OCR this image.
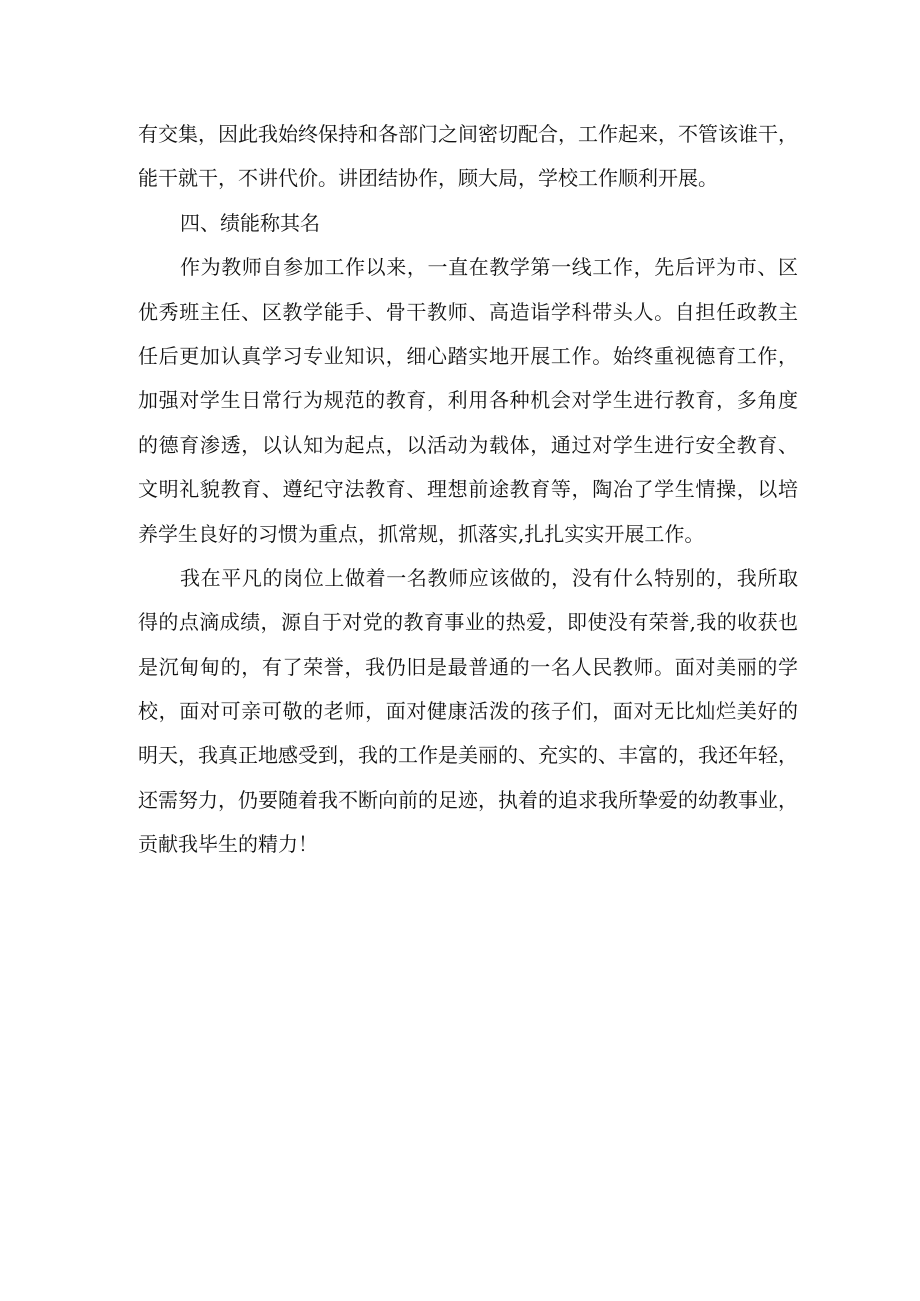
有交集，因此我始终保持和各部门之间密切配合，工作起来，不管该谁干，
能干就干，不讲代价。讲团结协作，顾大局，学校工作顺利开展。
四、绩能称其名
作为教师自参加工作以来，一直在教学第一线工作，先后评为市、区
优秀班主任、区教学能手、骨干教师、高造诣学科带头人。自担任政教主
任后更加认真学习专业知识，细心踏实地开展工作。始终重视德育工作，
加强对学生日常行为规范的教育，利用各种机会对学生进行教育，多角度
的德育渗透，以认知为起点，以活动为载体，通过对学生进行安全教育、
文明礼貌教育、遵纪守法教育、理想前途教育等，陶冶了学生情操，以培
养学生良好的习惯为重点，抓常规，抓落实,扎扎实实开展工作。
我在平凡的岗位上做着一名教师应该做的，没有什么特别的，我所取
得的点滴成绩，源自于对党的教育事业的热爱，即使没有荣誉,我的收获也
是沉甸甸的，有了荣誉，我仍旧是最普通的一名人民教师。面对美丽的学
校，面对可亲可敬的老师，面对健康活泼的孩子们，面对无比灿烂美好的
明天，我真正地感受到，我的工作是美丽的、充实的、丰富的，我还年轻，
还需努力，仍要随着我不断向前的足迹，执着的追求我所挚爱的幼教事业，
贡献我毕生的精力！
